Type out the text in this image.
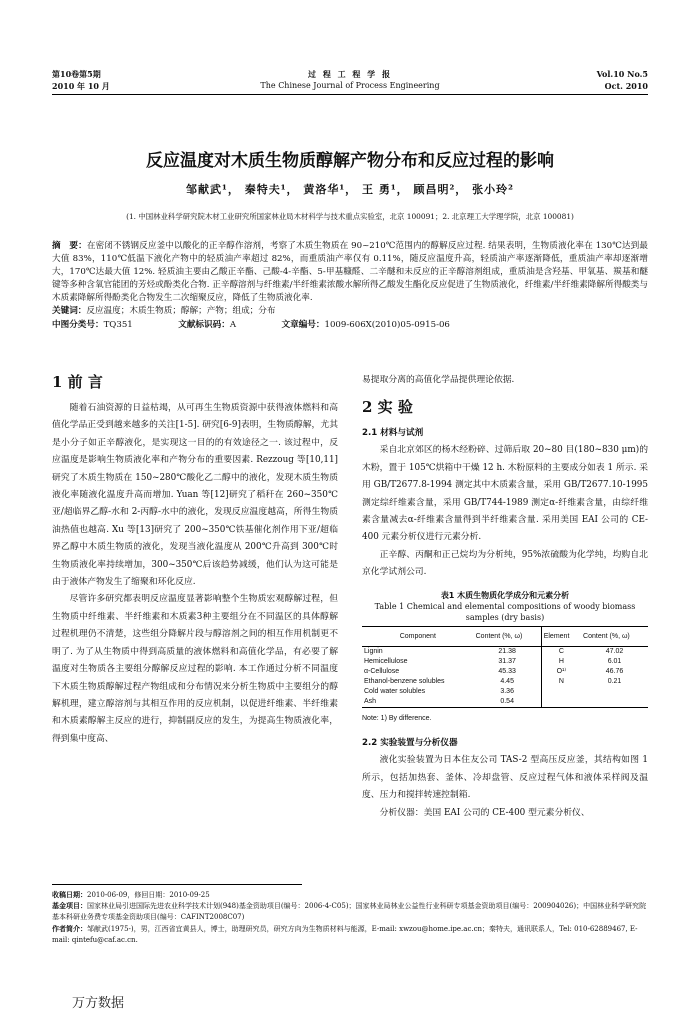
第10卷第5期
2010 年 10 月
过 程 工 程 学 报
The Chinese Journal of Process Engineering
Vol.10 No.5
Oct. 2010
反应温度对木质生物质醇解产物分布和反应过程的影响
邹献武¹， 秦特夫¹， 黄洛华¹， 王 勇¹， 顾昌明²， 张小玲²
(1. 中国林业科学研究院木材工业研究所国家林业局木材科学与技术重点实验室，北京 100091；2. 北京理工大学理学院，北京 100081)
摘　要：在密闭不锈钢反应釜中以酸化的正辛醇作溶剂，考察了木质生物质在 90~210℃范围内的醇解反应过程. 结果表明，生物质液化率在 130℃达到最大值 83%，110℃低温下液化产物中的轻质油产率超过 82%，而重质油产率仅有 0.11%，随反应温度升高，轻质油产率逐渐降低，重质油产率却逐渐增大，170℃达最大值 12%. 轻质油主要由乙酸正辛酯、己酸-4-辛酯、5-甲基糠醛、二辛醚和未反应的正辛醇溶剂组成，重质油是含羟基、甲氧基、羰基和醚键等多种含氧官能团的芳烃或酚类化合物. 正辛醇溶剂与纤维素/半纤维素浓酸水解所得乙酸发生酯化反应促进了生物质液化，纤维素/半纤维素降解所得酸类与木质素降解所得酚类化合物发生二次缩聚反应，降低了生物质液化率.
关键词：反应温度；木质生物质；醇解；产物；组成；分布
中图分类号：TQ351	文献标识码：A	文章编号：1009-606X(2010)05-0915-06
1 前 言

随着石油资源的日益枯竭，从可再生生物质资源中获得液体燃料和高值化学品正受到越来越多的关注[1-5]. 研究[6-9]表明，生物质醇解，尤其是小分子如正辛醇液化，是实现这一目的的有效途径之一. 该过程中，反应温度是影响生物质液化率和产物分布的重要因素. Rezzoug 等[10,11]研究了木质生物质在 150~280℃酸化乙二醇中的液化，发现木质生物质液化率随液化温度升高而增加. Yuan 等[12]研究了稻秆在 260~350℃亚/超临界乙醇-水和 2-丙醇-水中的液化，发现反应温度越高，所得生物质油热值也越高. Xu 等[13]研究了 200~350℃铁基催化剂作用下亚/超临界乙醇中木质生物质的液化，发现当液化温度从 200℃升高到 300℃时生物质液化率持续增加，300~350℃后该趋势减缓，他们认为这可能是由于液体产物发生了缩聚和环化反应.

尽管许多研究都表明反应温度显著影响整个生物质宏观醇解过程，但生物质中纤维素、半纤维素和木质素3种主要组分在不同温区的具体醇解过程机理仍不清楚，这些组分降解片段与醇溶剂之间的相互作用机制更不明了. 为了从生物质中得到高质量的液体燃料和高值化学品，有必要了解温度对生物质各主要组分醇解反应过程的影响. 本工作通过分析不同温度下木质生物质醇解过程产物组成和分布情况来分析生物质中主要组分的醇解机理，建立醇溶剂与其相互作用的反应机制，以促进纤维素、半纤维素和木质素醇解主反应的进行，抑制副反应的发生，为提高生物质液化率，得到集中度高、

易提取分离的高值化学品提供理论依据.
2 实 验
2.1 材料与试剂

采自北京郊区的杨木经粉碎、过筛后取 20~80 目(180~830 μm)的木粉，置于 105℃烘箱中干燥 12 h. 木粉原料的主要成分如表 1 所示. 采用 GB/T2677.8-1994 测定其中木质素含量，采用 GB/T2677.10-1995 测定综纤维素含量，采用 GB/T744-1989 测定α-纤维素含量，由综纤维素含量减去α-纤维素含量得到半纤维素含量. 采用美国 EAI 公司的 CE-400 元素分析仪进行元素分析.

正辛醇、丙酮和正己烷均为分析纯，95%浓硫酸为化学纯，均购自北京化学试剂公司.

表1 木质生物质化学成分和元素分析
Table 1 Chemical and elemental compositions of woody biomass samples (dry basis)
Component	Content (%, ω)	Element	Content (%, ω)
Lignin	21.38	C	47.02
Hemicellulose	31.37	H	6.01
α-Cellulose	45.33	O¹⁾	46.76
Ethanol-benzene solubles	4.45	N	0.21
Cold water solubles	3.36		
Ash	0.54		
Note: 1) By difference.
2.2 实验装置与分析仪器

液化实验装置为日本住友公司 TAS-2 型高压反应釜，其结构如图 1 所示，包括加热套、釜体、冷却盘管、反应过程气体和液体采样阀及温度、压力和搅拌转速控制箱.

分析仪器：美国 EAI 公司的 CE-400 型元素分析仪、

收稿日期：2010-06-09，修回日期：2010-09-25
基金项目：国家林业局引进国际先进农业科学技术计划(948)基金资助项目(编号：2006-4-C05)；国家林业局林业公益性行业科研专项基金资助项目(编号：200904026)；中国林业科学研究院基本科研业务费专项基金资助项目(编号：CAFINT2008C07)
作者简介：邹献武(1975-)，男，江西省宜黄县人，博士，助理研究员，研究方向为生物质材料与能源，E-mail: xwzou@home.ipe.ac.cn；秦特夫，通讯联系人，Tel: 010-62889467, E-mail: qintefu@caf.ac.cn.
万方数据
